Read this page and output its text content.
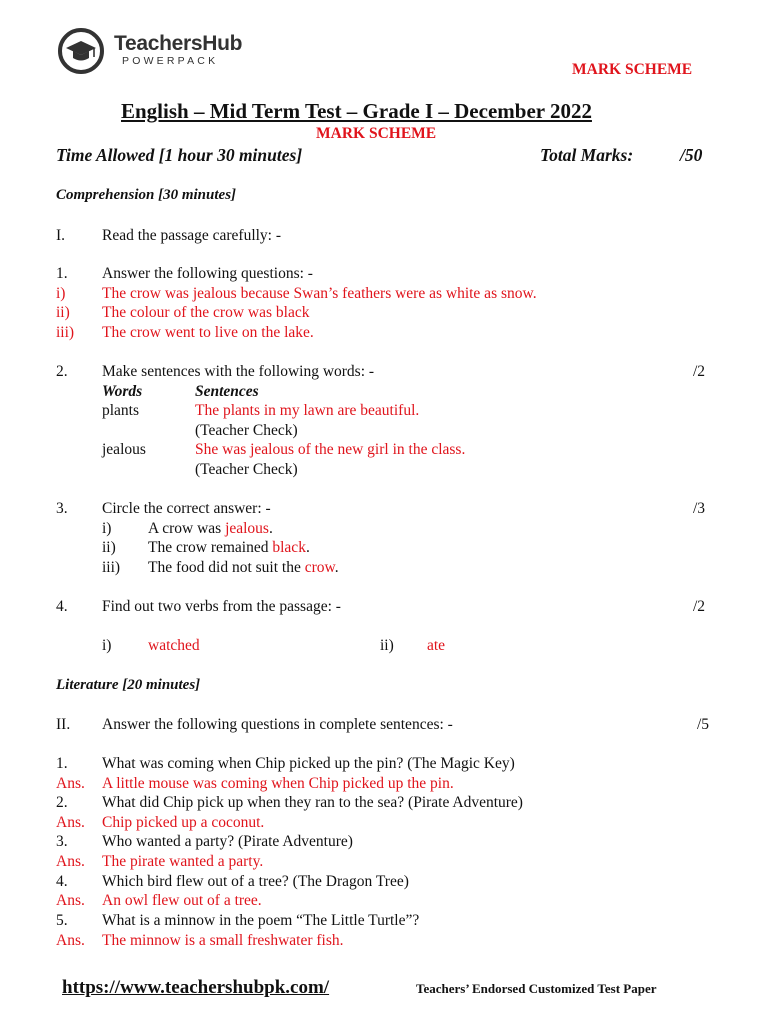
TeachersHub
POWERPACK	MARK SCHEME
English – Mid Term Test – Grade I – December 2022
MARK SCHEME
Time Allowed [1 hour 30 minutes]	Total Marks:	/50
Comprehension [30 minutes]
I. Read the passage carefully: -
1. Answer the following questions: -
i) The crow was jealous because Swan’s feathers were as white as snow.
ii) The colour of the crow was black
iii) The crow went to live on the lake.
2. Make sentences with the following words: -	/2
Words	Sentences
plants	The plants in my lawn are beautiful.
(Teacher Check)
jealous	She was jealous of the new girl in the class.
(Teacher Check)
3. Circle the correct answer: -	/3
i) A crow was jealous.
ii) The crow remained black.
iii) The food did not suit the crow.
4. Find out two verbs from the passage: -	/2
i) watched	ii) ate
Literature [20 minutes]
II. Answer the following questions in complete sentences: -	/5
1. What was coming when Chip picked up the pin? (The Magic Key)
Ans. A little mouse was coming when Chip picked up the pin.
2. What did Chip pick up when they ran to the sea? (Pirate Adventure)
Ans. Chip picked up a coconut.
3. Who wanted a party? (Pirate Adventure)
Ans. The pirate wanted a party.
4. Which bird flew out of a tree? (The Dragon Tree)
Ans. An owl flew out of a tree.
5. What is a minnow in the poem “The Little Turtle”?
Ans. The minnow is a small freshwater fish.
https://www.teachershubpk.com/	Teachers’ Endorsed Customized Test Paper
